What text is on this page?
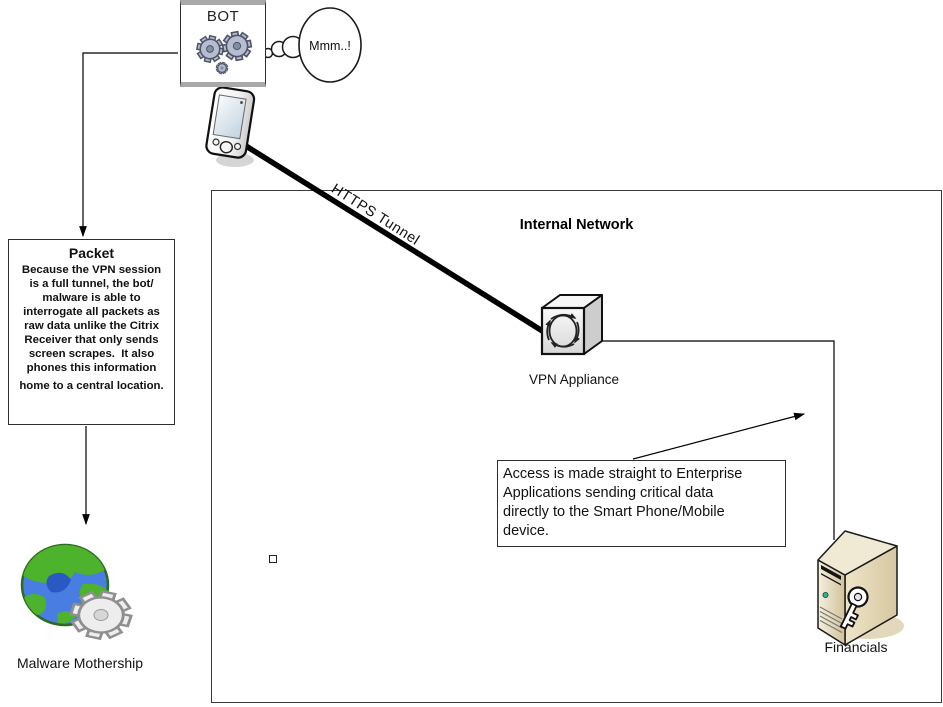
Internal Network
Mmm..!
HTTPS Tunnel
BOT
Packet
Because the VPN session
is a full tunnel, the bot/
malware is able to
interrogate all packets as
raw data unlike the Citrix
Receiver that only sends
screen scrapes.  It also
phones this information
home to a central location.
Access is made straight to Enterprise
Applications sending critical data
directly to the Smart Phone/Mobile
device.
VPN Appliance
Financials
Malware Mothership
